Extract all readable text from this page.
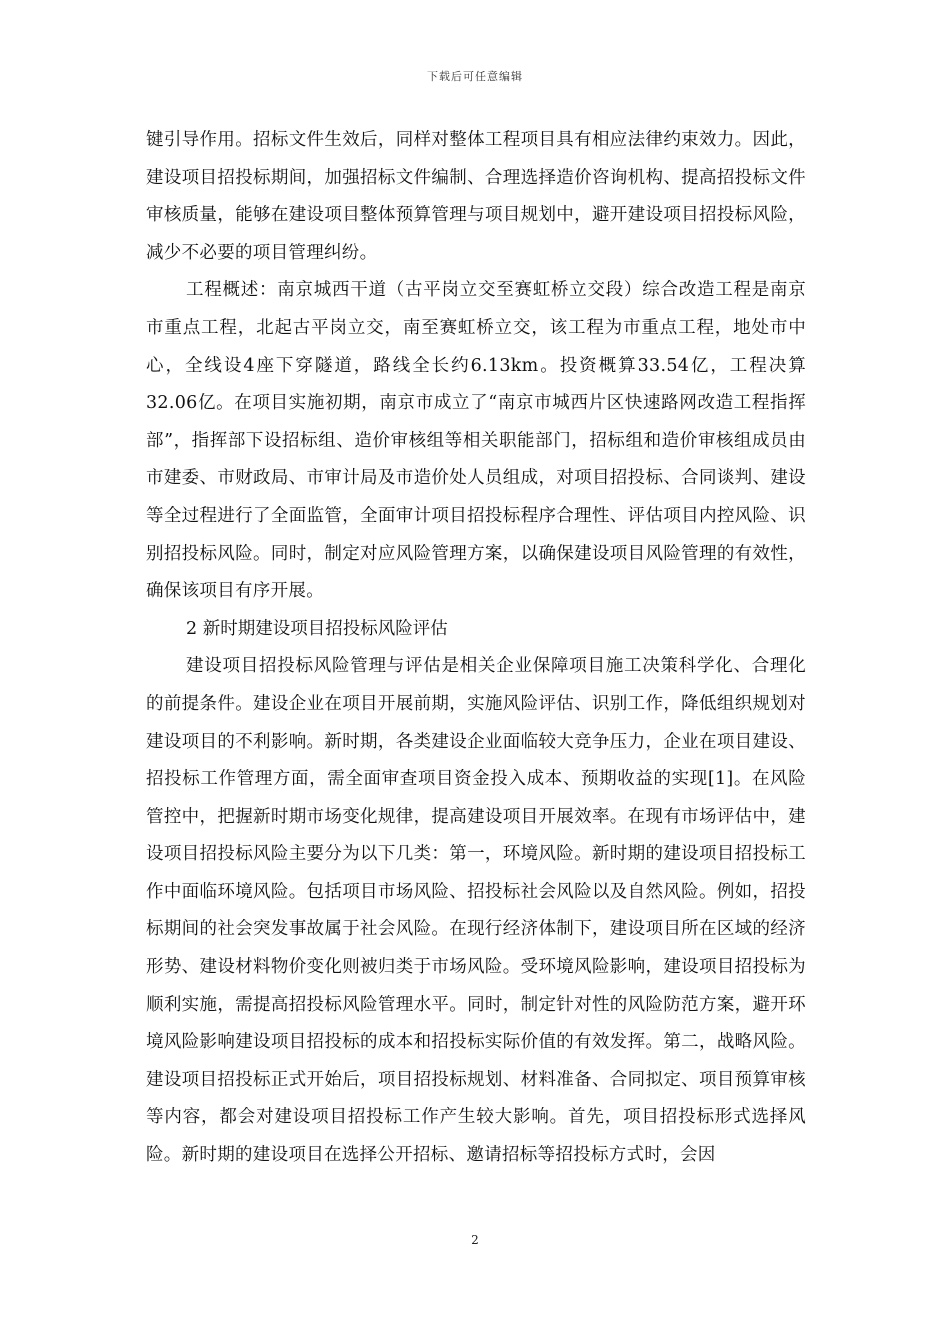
下载后可任意编辑

键引导作用。招标文件生效后，同样对整体工程项目具有相应法律约束效力。因此，建设项目招投标期间，加强招标文件编制、合理选择造价咨询机构、提高招投标文件审核质量，能够在建设项目整体预算管理与项目规划中，避开建设项目招投标风险，减少不必要的项目管理纠纷。

工程概述：南京城西干道（古平岗立交至赛虹桥立交段）综合改造工程是南京市重点工程，北起古平岗立交，南至赛虹桥立交，该工程为市重点工程，地处市中心，全线设4座下穿隧道，路线全长约6.13km。投资概算33.54亿，工程决算32.06亿。在项目实施初期，南京市成立了“南京市城西片区快速路网改造工程指挥部”，指挥部下设招标组、造价审核组等相关职能部门，招标组和造价审核组成员由市建委、市财政局、市审计局及市造价处人员组成，对项目招投标、合同谈判、建设等全过程进行了全面监管，全面审计项目招投标程序合理性、评估项目内控风险、识别招投标风险。同时，制定对应风险管理方案，以确保建设项目风险管理的有效性，确保该项目有序开展。

2 新时期建设项目招投标风险评估

建设项目招投标风险管理与评估是相关企业保障项目施工决策科学化、合理化的前提条件。建设企业在项目开展前期，实施风险评估、识别工作，降低组织规划对建设项目的不利影响。新时期，各类建设企业面临较大竞争压力，企业在项目建设、招投标工作管理方面，需全面审查项目资金投入成本、预期收益的实现[1]。在风险管控中，把握新时期市场变化规律，提高建设项目开展效率。在现有市场评估中，建设项目招投标风险主要分为以下几类：第一，环境风险。新时期的建设项目招投标工作中面临环境风险。包括项目市场风险、招投标社会风险以及自然风险。例如，招投标期间的社会突发事故属于社会风险。在现行经济体制下，建设项目所在区域的经济形势、建设材料物价变化则被归类于市场风险。受环境风险影响，建设项目招投标为顺利实施，需提高招投标风险管理水平。同时，制定针对性的风险防范方案，避开环境风险影响建设项目招投标的成本和招投标实际价值的有效发挥。第二，战略风险。建设项目招投标正式开始后，项目招投标规划、材料准备、合同拟定、项目预算审核等内容，都会对建设项目招投标工作产生较大影响。首先，项目招投标形式选择风险。新时期的建设项目在选择公开招标、邀请招标等招投标方式时，会因

2
